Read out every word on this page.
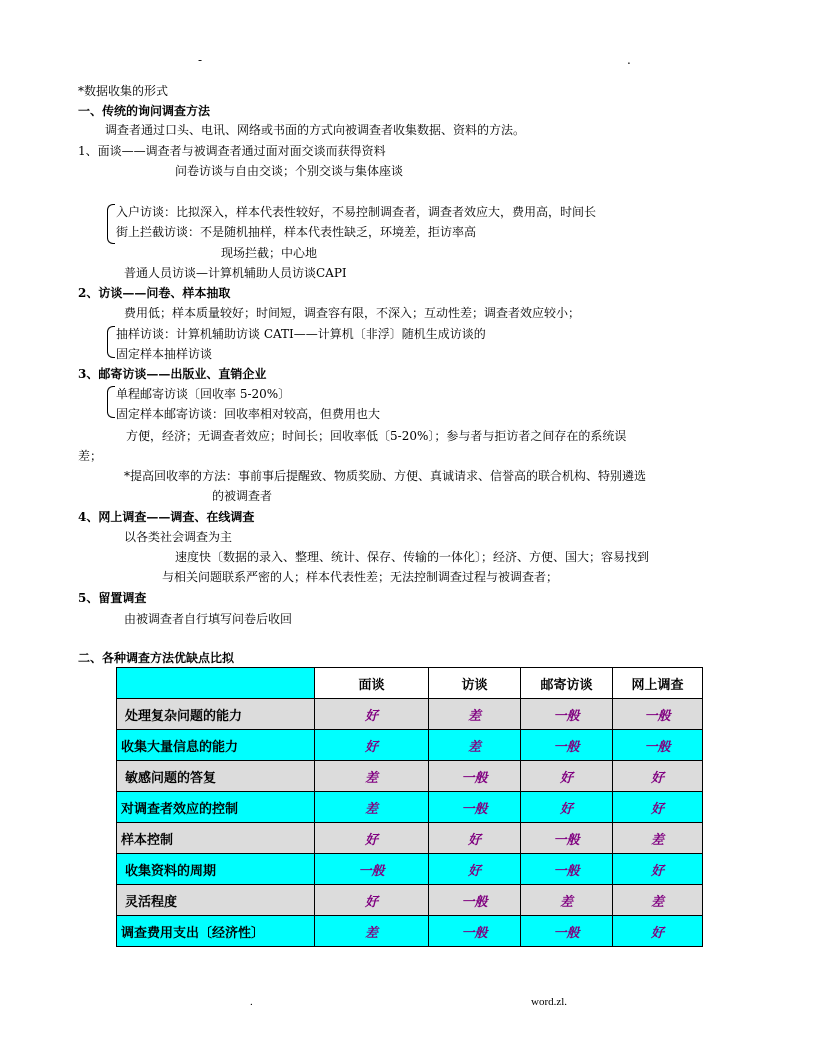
-	.
*数据收集的形式
一、传统的询问调查方法
调查者通过口头、电讯、网络或书面的方式向被调查者收集数据、资料的方法。
1、面谈——调查者与被调查者通过面对面交谈而获得资料
问卷访谈与自由交谈；个别交谈与集体座谈
入户访谈：比拟深入，样本代表性较好，不易控制调查者，调查者效应大，费用高，时间长
街上拦截访谈：不是随机抽样，样本代表性缺乏，环境差，拒访率高
现场拦截；中心地
普通人员访谈—计算机辅助人员访谈CAPI
2、访谈——问卷、样本抽取
费用低；样本质量较好；时间短，调查容有限，不深入；互动性差；调查者效应较小；
抽样访谈：计算机辅助访谈 CATI——计算机〔非浮〕随机生成访谈的
固定样本抽样访谈
3、邮寄访谈——出版业、直销企业
单程邮寄访谈〔回收率 5-20%〕
固定样本邮寄访谈：回收率相对较高，但费用也大
方便，经济；无调查者效应；时间长；回收率低〔5-20%〕；参与者与拒访者之间存在的系统误
差；
*提高回收率的方法：事前事后提醒致、物质奖励、方便、真诚请求、信誉高的联合机构、特别遴选
的被调查者
4、网上调查——调查、在线调查
以各类社会调查为主
速度快〔数据的录入、整理、统计、保存、传输的一体化〕；经济、方便、国大；容易找到
与相关问题联系严密的人；样本代表性差；无法控制调查过程与被调查者；
5、留置调查
由被调查者自行填写问卷后收回
二、各种调查方法优缺点比拟
	面谈	访谈	邮寄访谈	网上调查
处理复杂问题的能力	好	差	一般	一般
收集大量信息的能力	好	差	一般	一般
敏感问题的答复	差	一般	好	好
对调查者效应的控制	差	一般	好	好
样本控制	好	好	一般	差
收集资料的周期	一般	好	一般	好
灵活程度	好	一般	差	差
调查费用支出〔经济性〕	差	一般	一般	好
.	word.zl.
